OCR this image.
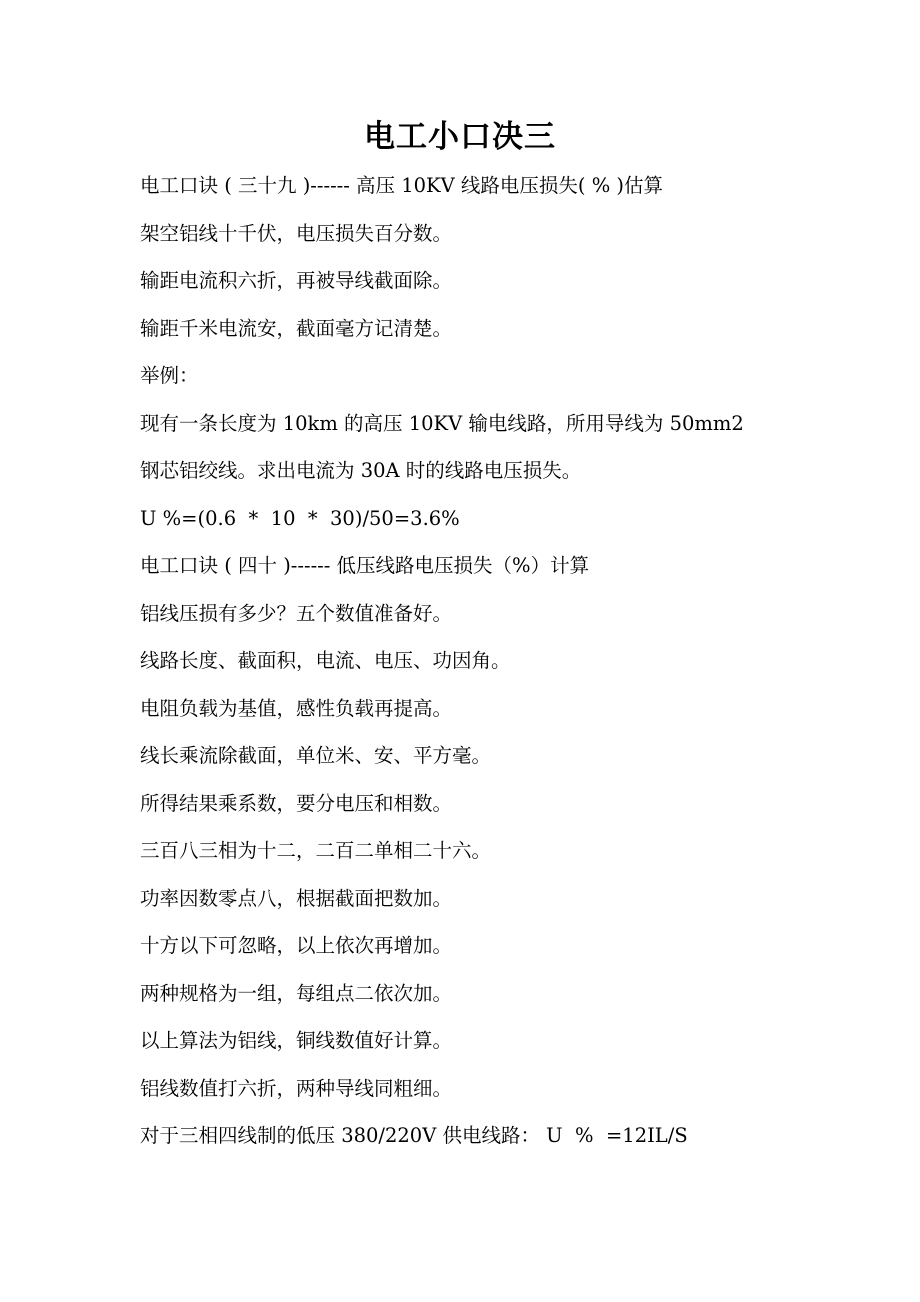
电工小口决三
电工口诀 ( 三十九 )------ 高压 10KV 线路电压损失( % )估算
架空铝线十千伏，电压损失百分数。
输距电流积六折，再被导线截面除。
输距千米电流安，截面毫方记清楚。
举例：
现有一条长度为 10km 的高压 10KV 输电线路，所用导线为 50mm2
钢芯铝绞线。求出电流为 30A 时的线路电压损失。
U %=(0.6  *  10  *  30)/50=3.6%
电工口诀 ( 四十 )------ 低压线路电压损失（%）计算
铝线压损有多少？五个数值准备好。
线路长度、截面积，电流、电压、功因角。
电阻负载为基值，感性负载再提高。
线长乘流除截面，单位米、安、平方毫。
所得结果乘系数，要分电压和相数。
三百八三相为十二，二百二单相二十六。
功率因数零点八，根据截面把数加。
十方以下可忽略，以上依次再增加。
两种规格为一组，每组点二依次加。
以上算法为铝线，铜线数值好计算。
铝线数值打六折，两种导线同粗细。
对于三相四线制的低压 380/220V 供电线路： U  %  =12IL/S
